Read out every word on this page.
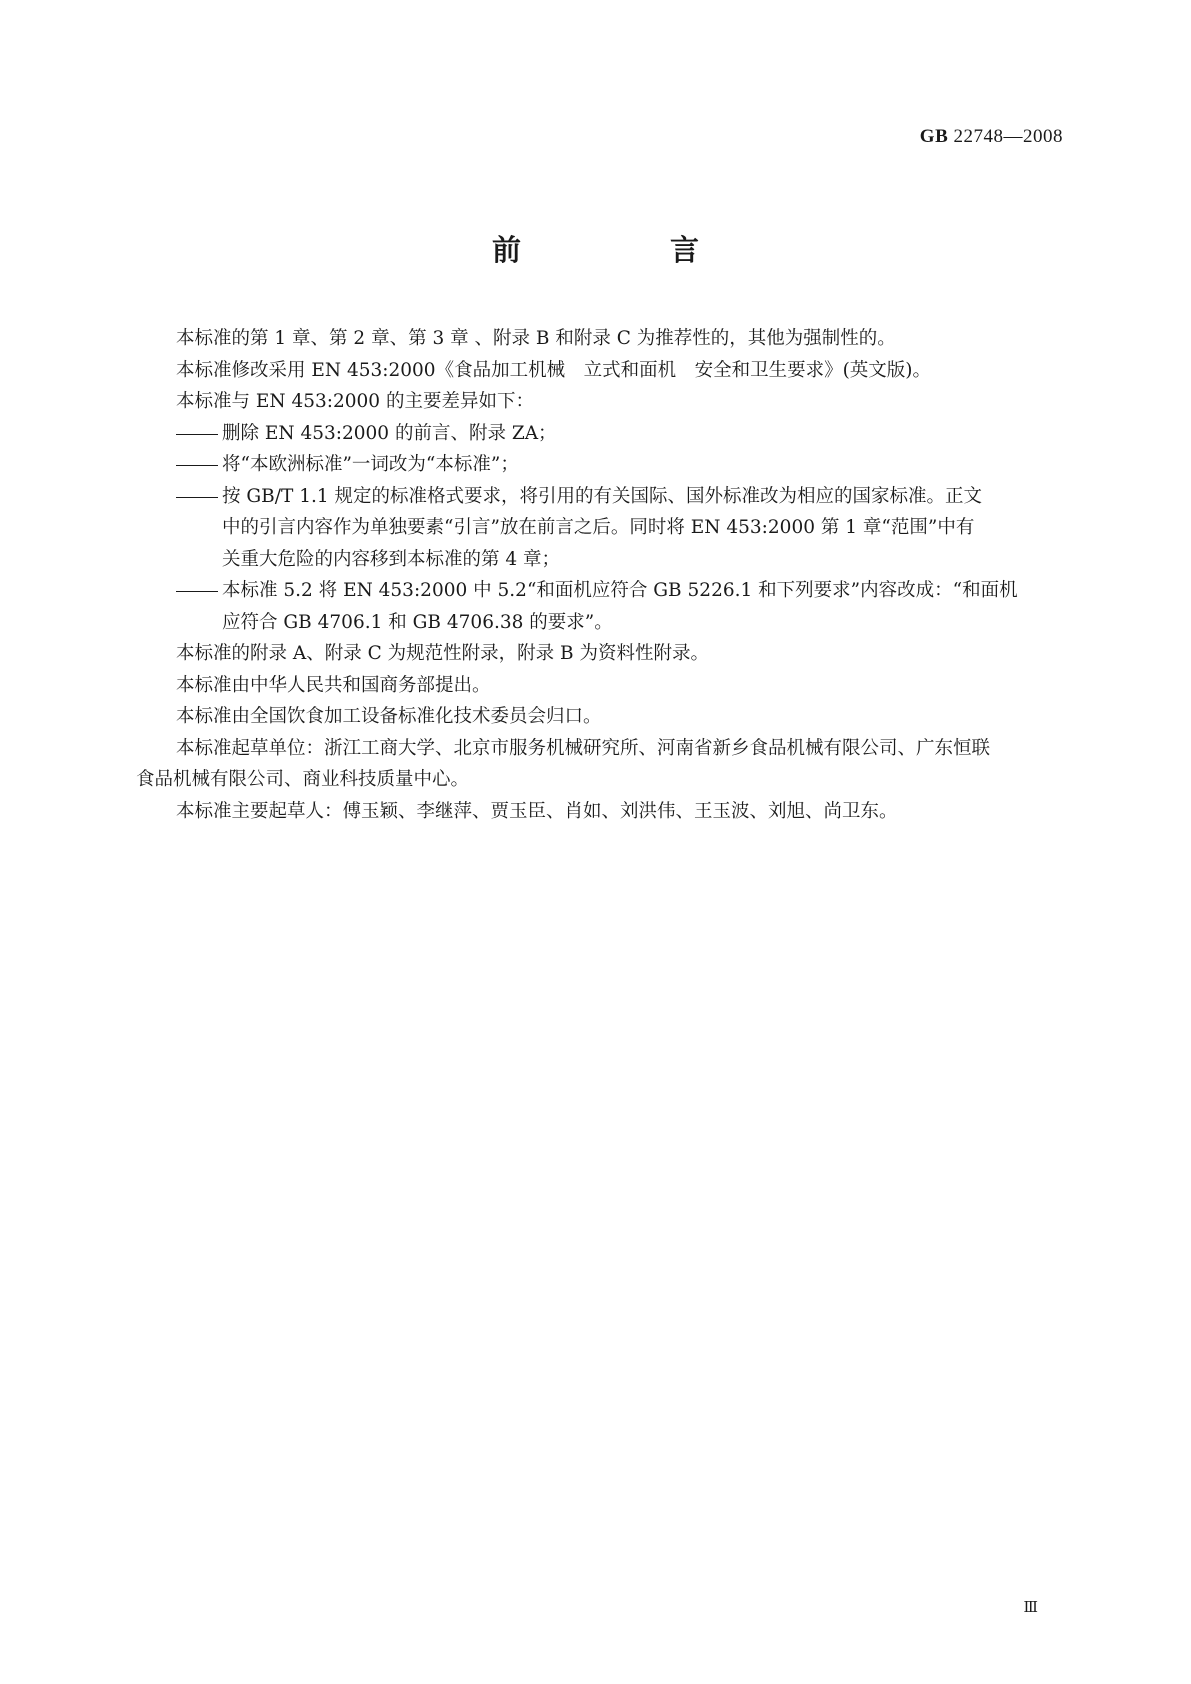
GB 22748—2008
前　言

本标准的第 1 章、第 2 章、第 3 章 、附录 B 和附录 C 为推荐性的，其他为强制性的。

本标准修改采用 EN 453:2000《食品加工机械　立式和面机　安全和卫生要求》(英文版)。

本标准与 EN 453:2000 的主要差异如下：

删除 EN 453:2000 的前言、附录 ZA；
将“本欧洲标准”一词改为“本标准”；
按 GB/T 1.1 规定的标准格式要求，将引用的有关国际、国外标准改为相应的国家标准。正文
中的引言内容作为单独要素“引言”放在前言之后。同时将 EN 453:2000 第 1 章“范围”中有
关重大危险的内容移到本标准的第 4 章；
本标准 5.2 将 EN 453:2000 中 5.2“和面机应符合 GB 5226.1 和下列要求”内容改成：“和面机
应符合 GB 4706.1 和 GB 4706.38 的要求”。

本标准的附录 A、附录 C 为规范性附录，附录 B 为资料性附录。

本标准由中华人民共和国商务部提出。

本标准由全国饮食加工设备标准化技术委员会归口。

本标准起草单位：浙江工商大学、北京市服务机械研究所、河南省新乡食品机械有限公司、广东恒联

食品机械有限公司、商业科技质量中心。

本标准主要起草人：傅玉颖、李继萍、贾玉臣、肖如、刘洪伟、王玉波、刘旭、尚卫东。

Ⅲ
